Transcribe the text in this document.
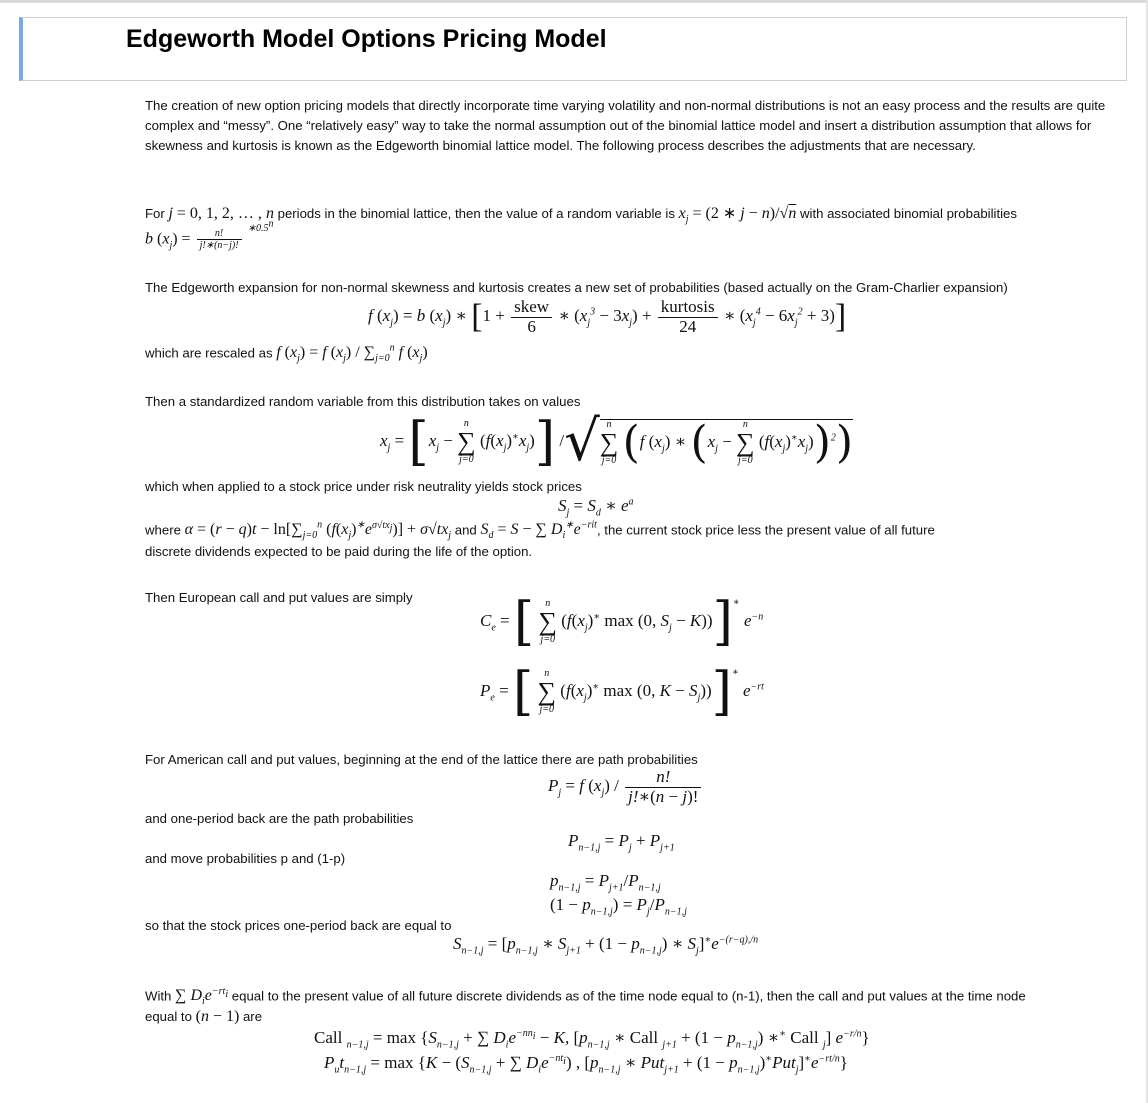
Edgeworth Model Options Pricing Model

The creation of new option pricing models that directly incorporate time varying volatility and non-normal distributions is not an easy process and the results are quite complex and “messy”. One “relatively easy” way to take the normal assumption out of the binomial lattice model and insert a distribution assumption that allows for skewness and kurtosis is known as the Edgeworth binomial lattice model. The following process describes the adjustments that are necessary.

For j = 0, 1, 2, … , n periods in the binomial lattice, then the value of a random variable is $x_j = (2$ ∗ j − n)/√n with associated binomial probabilities
b $(x_j) = \frac{n!}{j!∗(n-j)!} ^{∗0.5^n}$
The Edgeworth expansion for non-normal skewness and kurtosis creates a new set of probabilities (based actually on the Gram-Charlier expansion)
f $(x_j) = b$ $(x_j)$ ∗ [$1 + \frac{\text{skew}}{6}$ ∗ $(x_j^3 - 3x_j) + \frac{\text{kurtosis}}{24}$ ∗ $(x_j^4 - 6x_j^2 + 3)$]
which are rescaled as f $(x_j) = f$ $(x_j) / \sum_{j=0}^n$ f $(x_j)$
Then a standardized random variable from this distribution takes on values
$x_j = [x_j$ −
n
∑
j=0
$(f(x_j)^∗x_j)$] /√ n
∑
j=0 (f $(x_j)$ ∗ ($x_j$ −
n
∑
j=0
$(f(x_j)^∗x_j))^2$)
which when applied to a stock price under risk neutrality yields stock prices
$S_j = S_d$ ∗ $e^a$
where $\alpha = (r - q)t - \ln[\sum_{j=0}^n$ $(f(x_j)^∗e^{\sigma√tx_j})] + \sigma√tx_j$ and $S_d = S$ − ∑ $D_i^∗e^{-rit}$, the current stock price less the present value of all future
discrete dividends expected to be paid during the life of the option.
Then European call and put values are simply
$C_e$ = [	n
∑
j=0
($f(x_j)^∗$ max (0, $S_j - K))]^∗$ $e^{-n}$
$P_e$ = [	n
∑
j=0
($f(x_j)^∗$ max (0, $K - S_j))]^∗$ $e^{-rt}$
For American call and put values, beginning at the end of the lattice there are path probabilities
$P_j = f$ $(x_j) / \frac{n!}{j!∗(n - j)!}$
and one-period back are the path probabilities
$P_{n-1,j} = P_j + P_{j+1}$
and move probabilities p and (1-p)
$p_{n-1,j} = P_{j+1}/P_{n-1,j}$
$(1 - p_{n-1,j}) = P_j/P_{n-1,j}$
so that the stock prices one-period back are equal to
$S_{n-1,j} = [p_{n-1,j}$ ∗ $S_{j+1} + (1 - p_{n-1,j})$ ∗ $S_j]^∗e^{-(r-q),/n}$
With ∑ $D_ie^{-rt_i}$ equal to the present value of all future discrete dividends as of the time node equal to (n-1), then the call and put values at the time node
equal to (n − 1) are
Call $_{n-1,j} = \max \{S_{n-1,j}$ + ∑ $D_ie^{-nn_i} - K$, [$p_{n-1,j}$ ∗ Call $_{j+1} + (1 - p_{n-1,j})$ ∗∗ Call $_j$] $e^{-r/n}$}
$P_ut_{n-1,j} = \max \{K - (S_{n-1,j}$ + ∑ $D_ie^{-nt_i}$) , [$p_{n-1,j}$ ∗ $Put_{j+1} + (1 - p_{n-1,j})^∗Put_j]^∗e^{-rt/n}$}
